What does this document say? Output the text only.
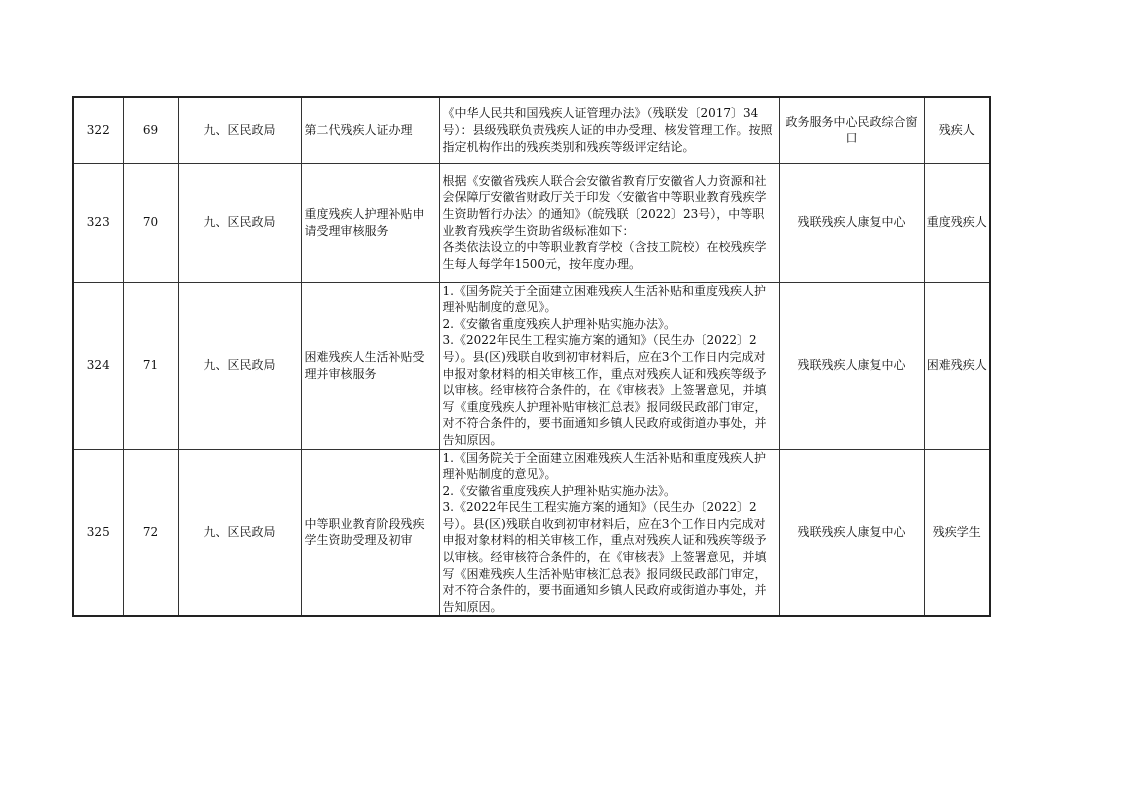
322	69	九、区民政局	第二代残疾人证办理	《中华人民共和国残疾人证管理办法》（残联发〔2017〕34号）：县级残联负责残疾人证的申办受理、核发管理工作。按照指定机构作出的残疾类别和残疾等级评定结论。	政务服务中心民政综合窗口	残疾人
323	70	九、区民政局	重度残疾人护理补贴申请受理审核服务	根据《安徽省残疾人联合会安徽省教育厅安徽省人力资源和社会保障厅安徽省财政厅关于印发〈安徽省中等职业教育残疾学生资助暂行办法〉的通知》（皖残联〔2022〕23号），中等职业教育残疾学生资助省级标准如下：
各类依法设立的中等职业教育学校（含技工院校）在校残疾学生每人每学年1500元，按年度办理。	残联残疾人康复中心	重度残疾人
324	71	九、区民政局	困难残疾人生活补贴受理并审核服务	1.《国务院关于全面建立困难残疾人生活补贴和重度残疾人护理补贴制度的意见》。
2.《安徽省重度残疾人护理补贴实施办法》。
3.《2022年民生工程实施方案的通知》（民生办〔2022〕2号）。县(区)残联自收到初审材料后，应在3个工作日内完成对申报对象材料的相关审核工作，重点对残疾人证和残疾等级予以审核。经审核符合条件的，在《审核表》上签署意见，并填写《重度残疾人护理补贴审核汇总表》报同级民政部门审定，对不符合条件的，要书面通知乡镇人民政府或街道办事处，并告知原因。	残联残疾人康复中心	困难残疾人
325	72	九、区民政局	中等职业教育阶段残疾学生资助受理及初审	1.《国务院关于全面建立困难残疾人生活补贴和重度残疾人护理补贴制度的意见》。
2.《安徽省重度残疾人护理补贴实施办法》。
3.《2022年民生工程实施方案的通知》（民生办〔2022〕2号）。县(区)残联自收到初审材料后，应在3个工作日内完成对申报对象材料的相关审核工作，重点对残疾人证和残疾等级予以审核。经审核符合条件的，在《审核表》上签署意见，并填写《困难残疾人生活补贴审核汇总表》报同级民政部门审定，对不符合条件的，要书面通知乡镇人民政府或街道办事处，并告知原因。	残联残疾人康复中心	残疾学生
